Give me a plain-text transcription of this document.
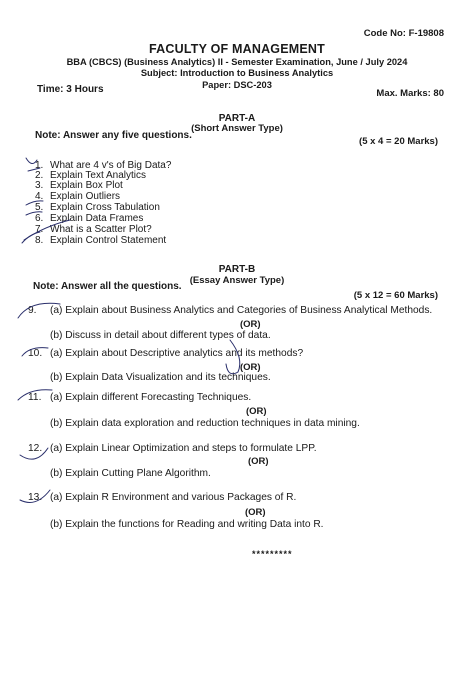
Code No: F-19808
FACULTY OF MANAGEMENT
BBA (CBCS) (Business Analytics) II - Semester Examination, June / July 2024
Subject: Introduction to Business Analytics
Paper: DSC-203
Time: 3 Hours	Max. Marks: 80
PART-A
(Short Answer Type)
Note: Answer any five questions.
(5 x 4 = 20 Marks)
1. What are 4 v's of Big Data?
2. Explain Text Analytics
3. Explain Box Plot
4. Explain Outliers
5. Explain Cross Tabulation
6. Explain Data Frames
7. What is a Scatter Plot?
8. Explain Control Statement
PART-B
(Essay Answer Type)
Note: Answer all the questions.
(5 x 12 = 60 Marks)
9. (a) Explain about Business Analytics and Categories of Business Analytical Methods.
(OR)
(b) Discuss in detail about different types of data.
10. (a) Explain about Descriptive analytics and its methods?
(OR)
(b) Explain Data Visualization and its techniques.
11. (a) Explain different Forecasting Techniques.
(OR)
(b) Explain data exploration and reduction techniques in data mining.
12. (a) Explain Linear Optimization and steps to formulate LPP.
(OR)
(b) Explain Cutting Plane Algorithm.
13. (a) Explain R Environment and various Packages of R.
(OR)
(b) Explain the functions for Reading and writing Data into R.
*********
